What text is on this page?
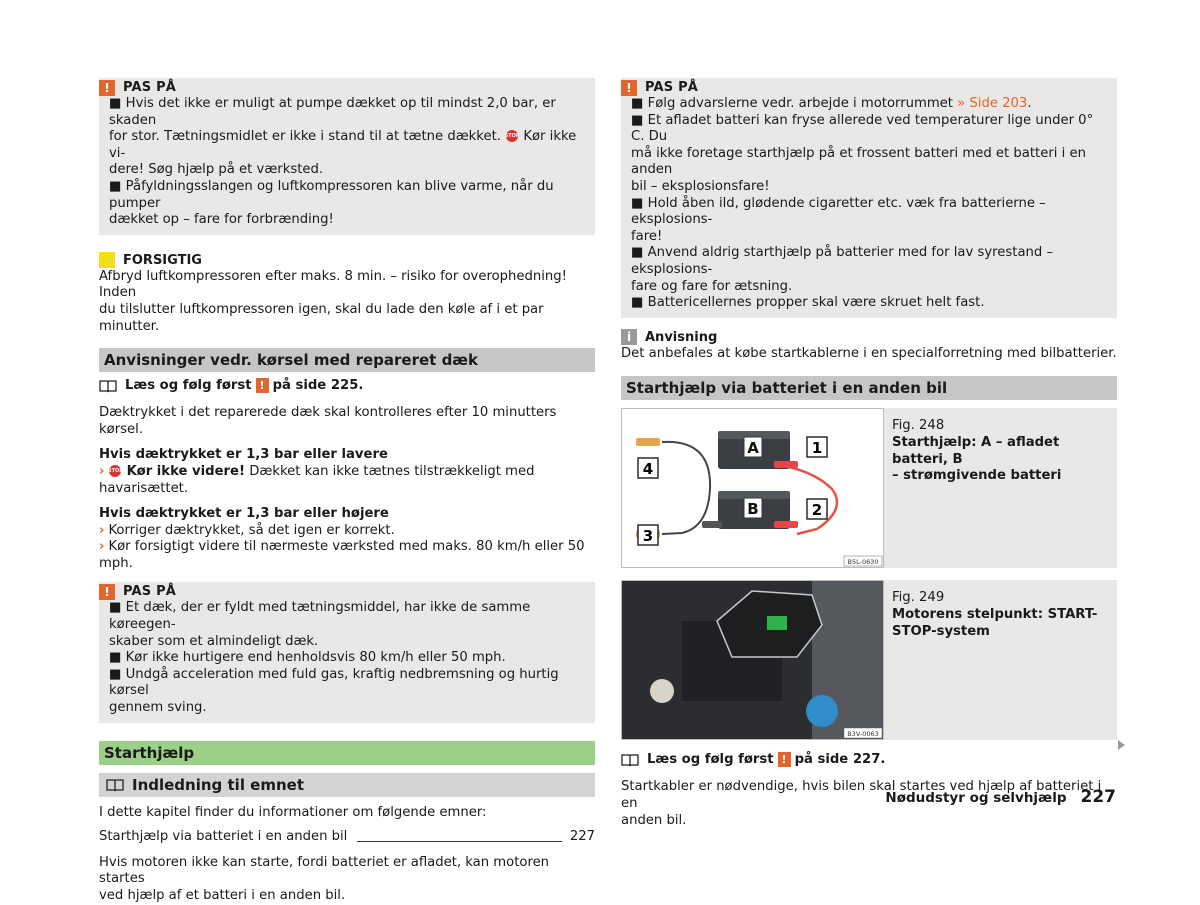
!	PAS PÅ
■ Hvis det ikke er muligt at pumpe dækket op til mindst 2,0 bar, er skaden
for stor. Tætningsmidlet er ikke i stand til at tætne dækket. STOP Kør ikke vi-
dere! Søg hjælp på et værksted.
■ Påfyldningsslangen og luftkompressoren kan blive varme, når du pumper
dækket op – fare for forbrænding!
!	FORSIGTIG
Afbryd luftkompressoren efter maks. 8 min. – risiko for overophedning! Inden
du tilslutter luftkompressoren igen, skal du lade den køle af i et par minutter.
Anvisninger vedr. kørsel med repareret dæk
Læs og følg først ! på side 225.
Dæktrykket i det reparerede dæk skal kontrolleres efter 10 minutters kørsel.
Hvis dæktrykket er 1,3 bar eller lavere
› STOP Kør ikke videre! Dækket kan ikke tætnes tilstrækkeligt med havarisættet.
Hvis dæktrykket er 1,3 bar eller højere
› Korriger dæktrykket, så det igen er korrekt.
› Kør forsigtigt videre til nærmeste værksted med maks. 80 km/h eller 50 mph.
!	PAS PÅ
■ Et dæk, der er fyldt med tætningsmiddel, har ikke de samme køreegen-
skaber som et almindeligt dæk.
■ Kør ikke hurtigere end henholdsvis 80 km/h eller 50 mph.
■ Undgå acceleration med fuld gas, kraftig nedbremsning og hurtig kørsel
gennem sving.
Starthjælp
Indledning til emnet
I dette kapitel finder du informationer om følgende emner:
Starthjælp via batteriet i en anden bil	227
Hvis motoren ikke kan starte, fordi batteriet er afladet, kan motoren startes
ved hjælp af et batteri i en anden bil.
!	PAS PÅ
■ Følg advarslerne vedr. arbejde i motorrummet » Side 203.
■ Et afladet batteri kan fryse allerede ved temperaturer lige under 0° C. Du
må ikke foretage starthjælp på et frossent batteri med et batteri i en anden
bil – eksplosionsfare!
■ Hold åben ild, glødende cigaretter etc. væk fra batterierne – eksplosions-
fare!
■ Anvend aldrig starthjælp på batterier med for lav syrestand – eksplosions-
fare og fare for ætsning.
■ Battericellernes propper skal være skruet helt fast.
i	Anvisning
Det anbefales at købe startkablerne i en specialforretning med bilbatterier.
Starthjælp via batteriet i en anden bil
A
B
1
2
3
4
B5L-0630
Fig. 248
Starthjælp: A – afladet batteri, B
– strømgivende batteri
B3V-0063
Fig. 249
Motorens stelpunkt: START-
STOP-system
Læs og følg først ! på side 227.
Startkabler er nødvendige, hvis bilen skal startes ved hjælp af batteriet i en
anden bil.
Nødudstyr og selvhjælp 227
